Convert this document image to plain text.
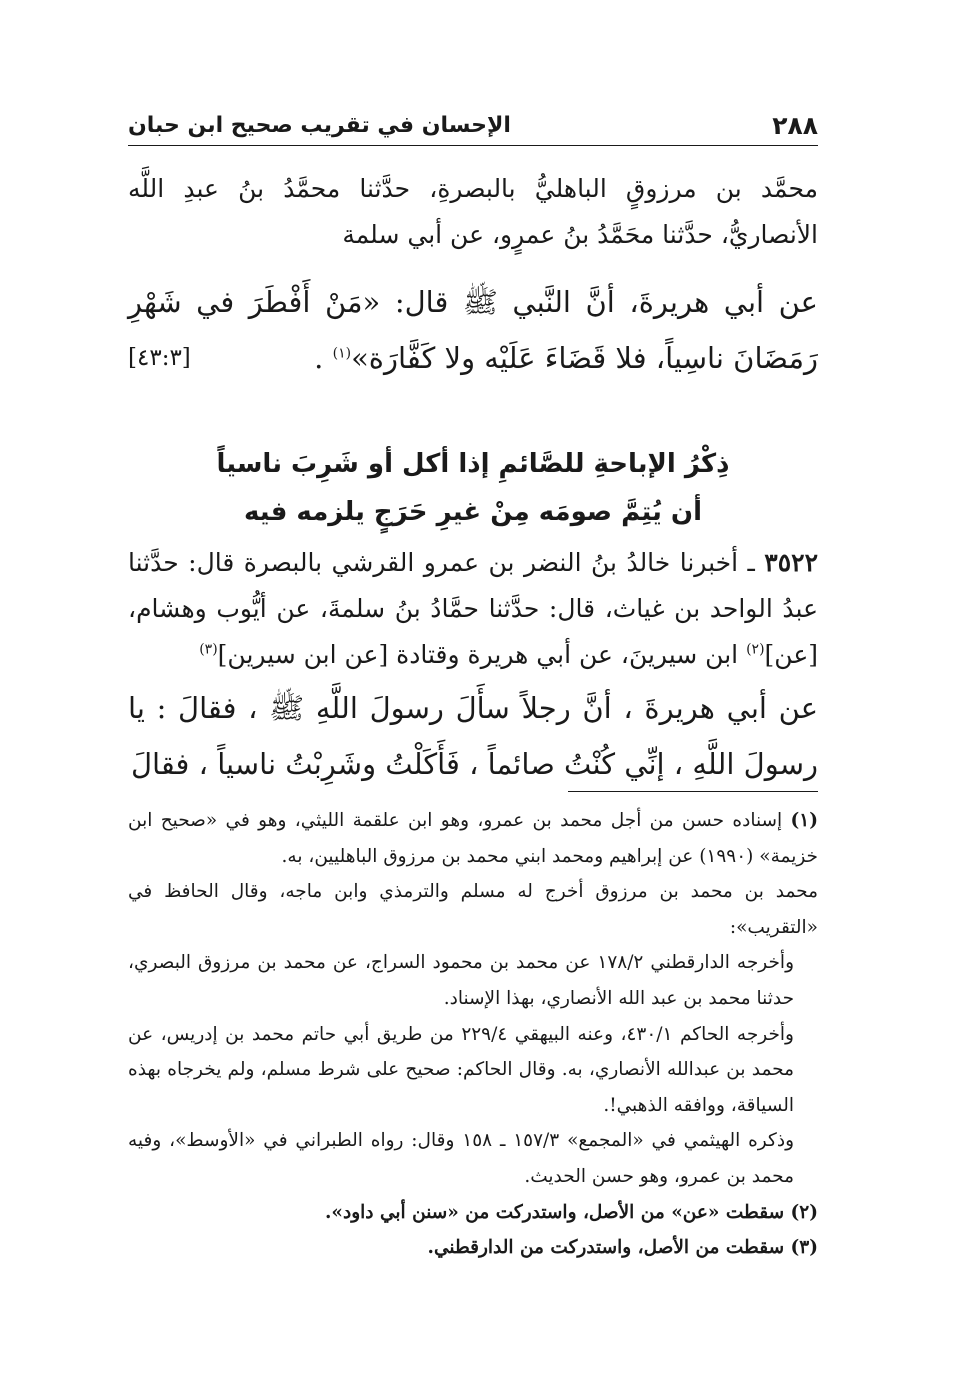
٢٨٨
الإحسان في تقريب صحيح ابن حبان
محمَّد بن مرزوقٍ الباهليُّ بالبصرةِ، حدَّثنا محمَّدُ بنُ عبدِ اللَّه الأنصاريُّ، حدَّثنا محَمَّدُ بنُ عمرٍو، عن أبي سلمة
عن أبي هريرةَ، أنَّ النَّبي ﷺ قال: «مَنْ أَفْطَرَ في شَهْرِ رَمَضَانَ ناسِياً، فلا قَضَاءَ عَلَيْه ولا كَفَّارَة»$^{(١)}$ .
[٤٣:٣]
ذِكْرُ الإباحةِ للصَّائمِ إذا أكل أو شَرِبَ ناسياً
أن يُتِمَّ صومَه مِنْ غيرِ حَرَجٍ يلزمه فيه
٣٥٢٢ ـ أخبرنا خالدُ بنُ النضر بن عمرو القرشي بالبصرة قال: حدَّثنا عبدُ الواحد بن غياث، قال: حدَّثنا حمَّادُ بنُ سلمةَ، عن أيُّوب وهشام، [عن]$^{(٢)}$ ابن سيرينَ، عن أبي هريرة وقتادة [عن ابن سيرين]$^{(٣)}$
عن أبي هريرةَ ، أنَّ رجلاً سأَلَ رسولَ اللَّهِ ﷺ ، فقالَ : يا رسولَ اللَّهِ ، إنِّي كُنْتُ صائماً ، فَأَكَلْتُ وشَرِبْتُ ناسياً ، فقالَ

(١) إسناده حسن من أجل محمد بن عمرو، وهو ابن علقمة الليثي، وهو في «صحيح ابن خزيمة» (١٩٩٠) عن إبراهيم ومحمد ابني محمد بن مرزوق الباهليين، به.

محمد بن محمد بن مرزوق أخرج له مسلم والترمذي وابن ماجه، وقال الحافظ في «التقريب»:

وأخرجه الدارقطني ١٧٨/٢ عن محمد بن محمود السراج، عن محمد بن مرزوق البصري، حدثنا محمد بن عبد الله الأنصاري، بهذا الإسناد.

وأخرجه الحاكم ٤٣٠/١، وعنه البيهقي ٢٢٩/٤ من طريق أبي حاتم محمد بن إدريس، عن محمد بن عبدالله الأنصاري، به. وقال الحاكم: صحيح على شرط مسلم، ولم يخرجاه بهذه السياقة، ووافقه الذهبي!.

وذكره الهيثمي في «المجمع» ١٥٧/٣ ـ ١٥٨ وقال: رواه الطبراني في «الأوسط»، وفيه محمد بن عمرو، وهو حسن الحديث.

(٢) سقطت «عن» من الأصل، واستدركت من «سنن أبي داود».

(٣) سقطت من الأصل، واستدركت من الدارقطني.
